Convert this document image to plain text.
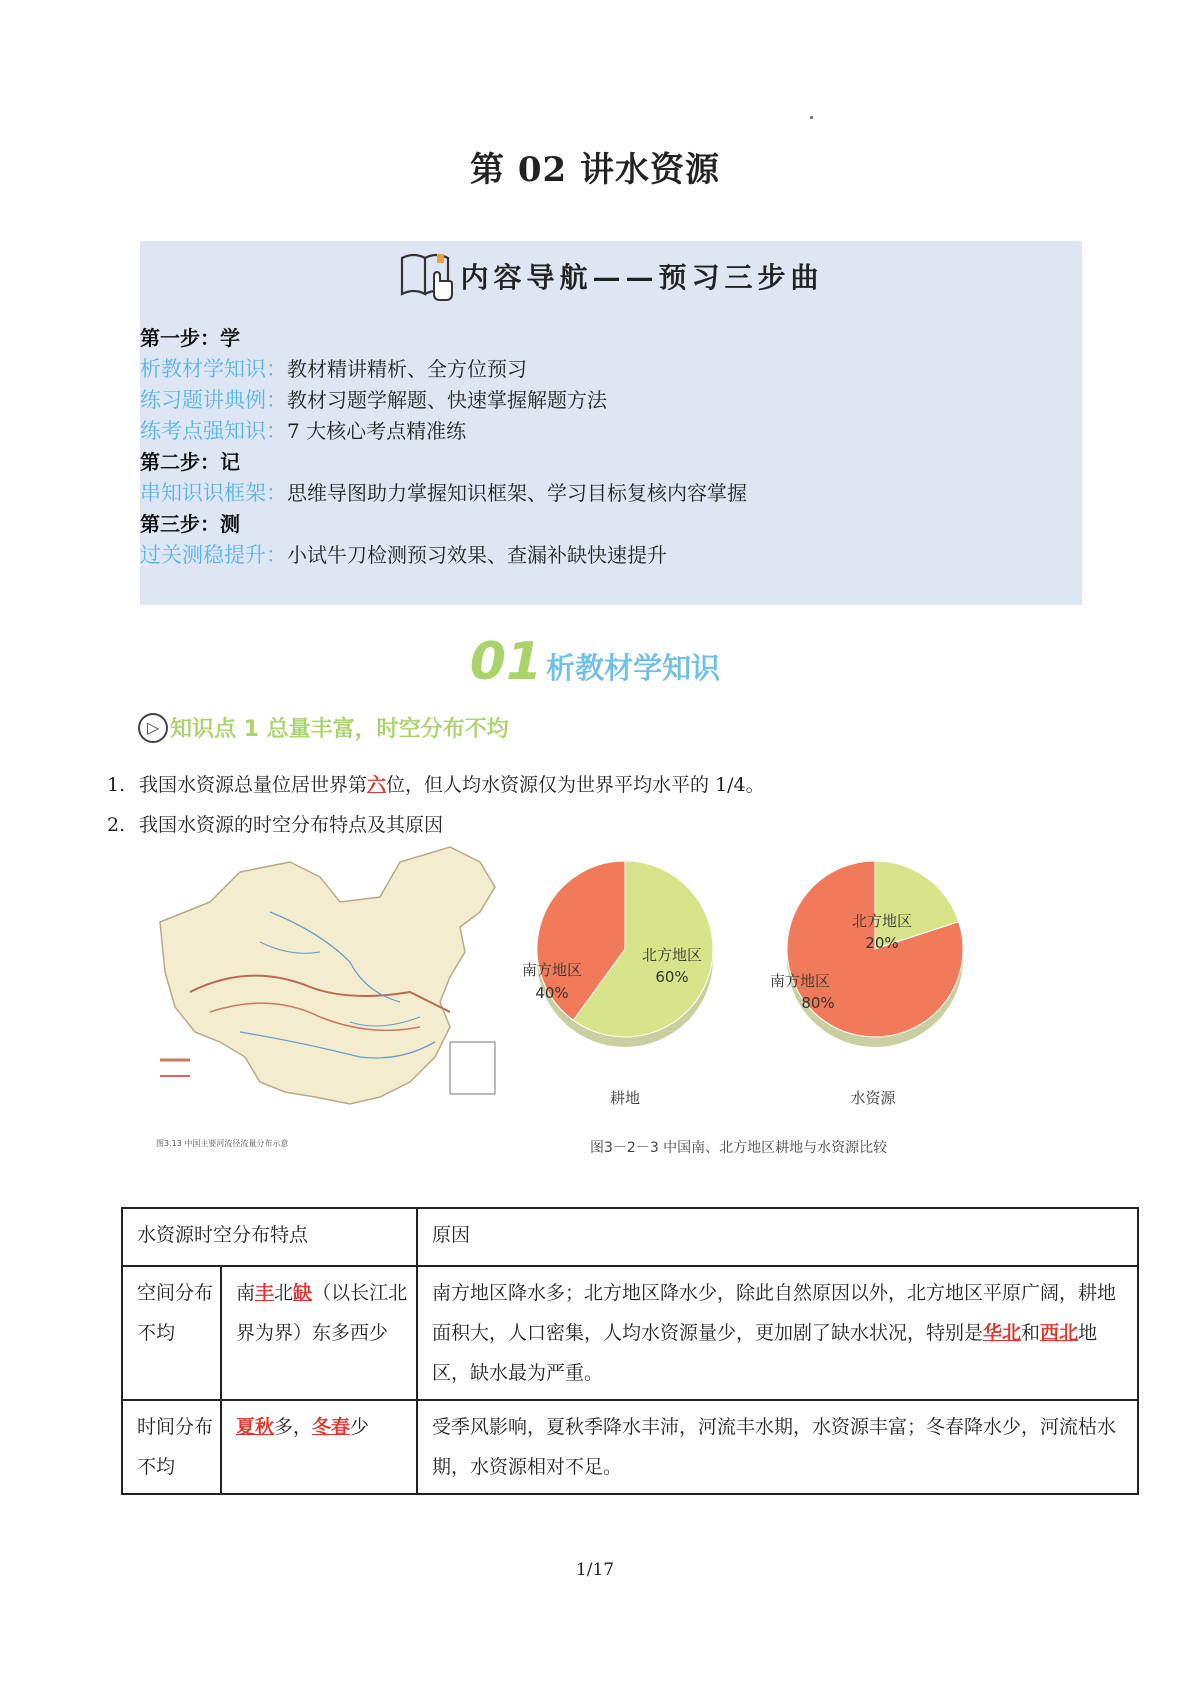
第 02 讲水资源
内容导航——预习三步曲
第一步：学
析教材学知识：教材精讲精析、全方位预习
练习题讲典例：教材习题学解题、快速掌握解题方法
练考点强知识：7 大核心考点精准练
第二步：记
串知识识框架：思维导图助力掌握知识框架、学习目标复核内容掌握
第三步：测
过关测稳提升：小试牛刀检测预习效果、查漏补缺快速提升
01 析教材学知识
▷ 知识点 1 总量丰富，时空分布不均
1. 我国水资源总量位居世界第六位，但人均水资源仅为世界平均水平的 1/4。
2. 我国水资源的时空分布特点及其原因
图3.13 中国主要河流径流量分布示意
南方地区
40%
北方地区
60%
耕地
北方地区
20%
南方地区
80%
水资源
图3－2－3 中国南、北方地区耕地与水资源比较
水资源时空分布特点		原因
空间分布不均	南丰北缺（以长江北界为界）东多西少	南方地区降水多；北方地区降水少，除此自然原因以外，北方地区平原广阔，耕地面积大，人口密集，人均水资源量少，更加剧了缺水状况，特别是华北和西北地区，缺水最为严重。
时间分布不均	夏秋多，冬春少	受季风影响，夏秋季降水丰沛，河流丰水期，水资源丰富；冬春降水少，河流枯水期，水资源相对不足。
1/17
